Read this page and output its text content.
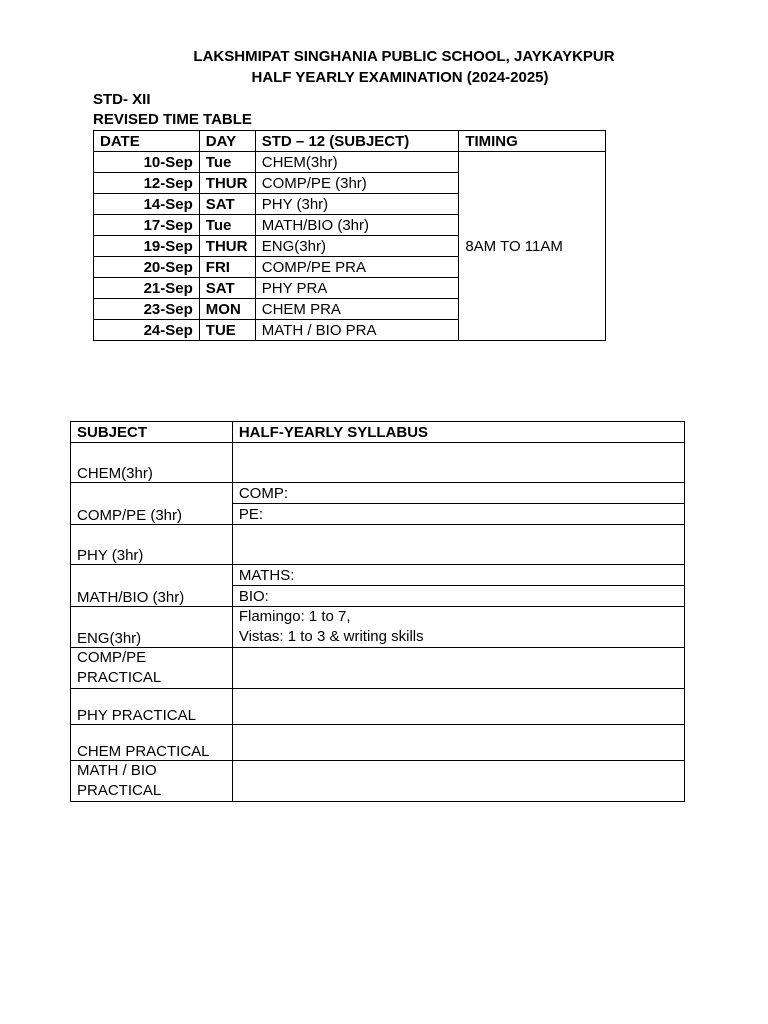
LAKSHMIPAT SINGHANIA PUBLIC SCHOOL, JAYKAYKPUR
HALF YEARLY EXAMINATION (2024-2025)
STD- XII
REVISED TIME TABLE
DATE	DAY	STD – 12 (SUBJECT)	TIMING
10-Sep	Tue	CHEM(3hr)	8AM TO 11AM
12-Sep	THUR	COMP/PE (3hr)	
14-Sep	SAT	PHY (3hr)	
17-Sep	Tue	MATH/BIO (3hr)	
19-Sep	THUR	ENG(3hr)	
20-Sep	FRI	COMP/PE PRA	
21-Sep	SAT	PHY PRA	
23-Sep	MON	CHEM PRA	
24-Sep	TUE	MATH / BIO PRA	
SUBJECT	HALF-YEARLY SYLLABUS
CHEM(3hr)	
COMP/PE (3hr)	COMP:
	PE:
PHY (3hr)	
MATH/BIO (3hr)	MATHS:
	BIO:
ENG(3hr)	Flamingo: 1 to 7,
Vistas: 1 to 3 & writing skills

COMP/PE
PRACTICAL	

PHY PRACTICAL	
CHEM PRACTICAL	

MATH / BIO
PRACTICAL	
